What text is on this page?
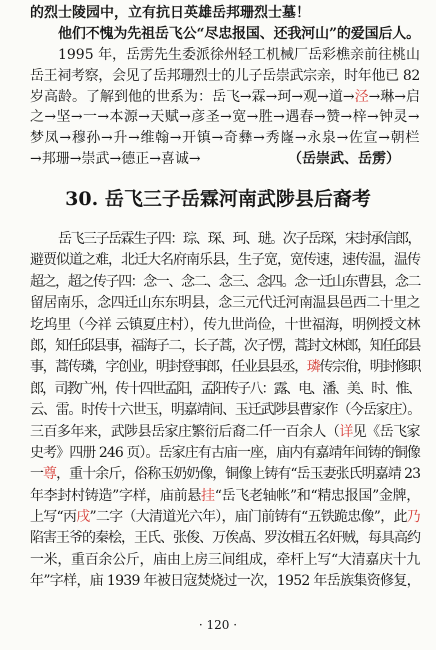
的烈士陵园中，立有抗日英雄岳邦珊烈士墓！
他们不愧为先祖岳飞公“尽忠报国、还我河山”的爱国后人。
1995 年，岳雳先生委派徐州轻工机械厂岳彩樵亲前往桃山
岳王祠考察，会见了岳邦珊烈士的儿子岳崇武宗亲，时年他已 82
岁高龄。了解到他的世系为：岳飞→霖→珂→观→道→泾→琳→启
之→坚→一→本源→天赋→彦圣→宽→胜→遇春→赞→梓→钟灵→
梦凤→穆孙→升→维翰→开镇→奇彝→秀嶐→永泉→佐宣→朝栏
→邦珊→崇武→德正→喜诚→	（岳崇武、岳雳）
30. 岳飞三子岳霖河南武陟县后裔考
岳飞三子岳霖生子四：琮、琛、珂、琎。次子岳琛，宋封承信郎，
避贾似道之难，北迁大名府南乐县，生子宽，宽传速，速传温，温传
超之，超之传子四：念一、念二、念三、念四。念一迁山东曹县，念二
留居南乐，念四迁山东东明县，念三元代迁河南温县邑西二十里之
圪坞里（今祥 云镇夏庄村），传九世尚俭，十世福海，明例授文林
郎，知任邱县事，福海子二，长子蒿，次子愣，蒿封文林郎，知任邱县
事，蒿传璘，字创业，明封登事郎，任业县县丞，璘传宗佾，明封修职
郎，司教广州，传十四世孟阳，孟阳传子八：露、电、潘、美、时、惟、
云、雷。时传十六世玉，明嘉靖间、玉迁武陟县曹家作（今岳家庄）。
三百多年来，武陟县岳家庄繁衍后裔二仟一百余人（详见《岳飞家
史考》四册 246 页）。岳家庄有古庙一座，庙内有嘉靖年间铸的铜像
一尊，重十余斤，俗称玉奶奶像，铜像上铸有“岳玉妻张氏明嘉靖 23
年李封村铸造”字样，庙前悬挂“岳飞老轴帐”和“精忠报国”金牌，
上写“丙戌”二字（大清道光六年），庙门前铸有“五铁跪忠像”，此乃
陷害王爷的秦桧，王氏、张俊、万俟卨、罗汝楫五名奸贼，每具高约
一米，重百余公斤，庙由上房三间组成，牵杆上写“大清嘉庆十九
年”字样，庙 1939 年被日寇焚烧过一次，1952 年岳族集资修复，
· 120 ·
